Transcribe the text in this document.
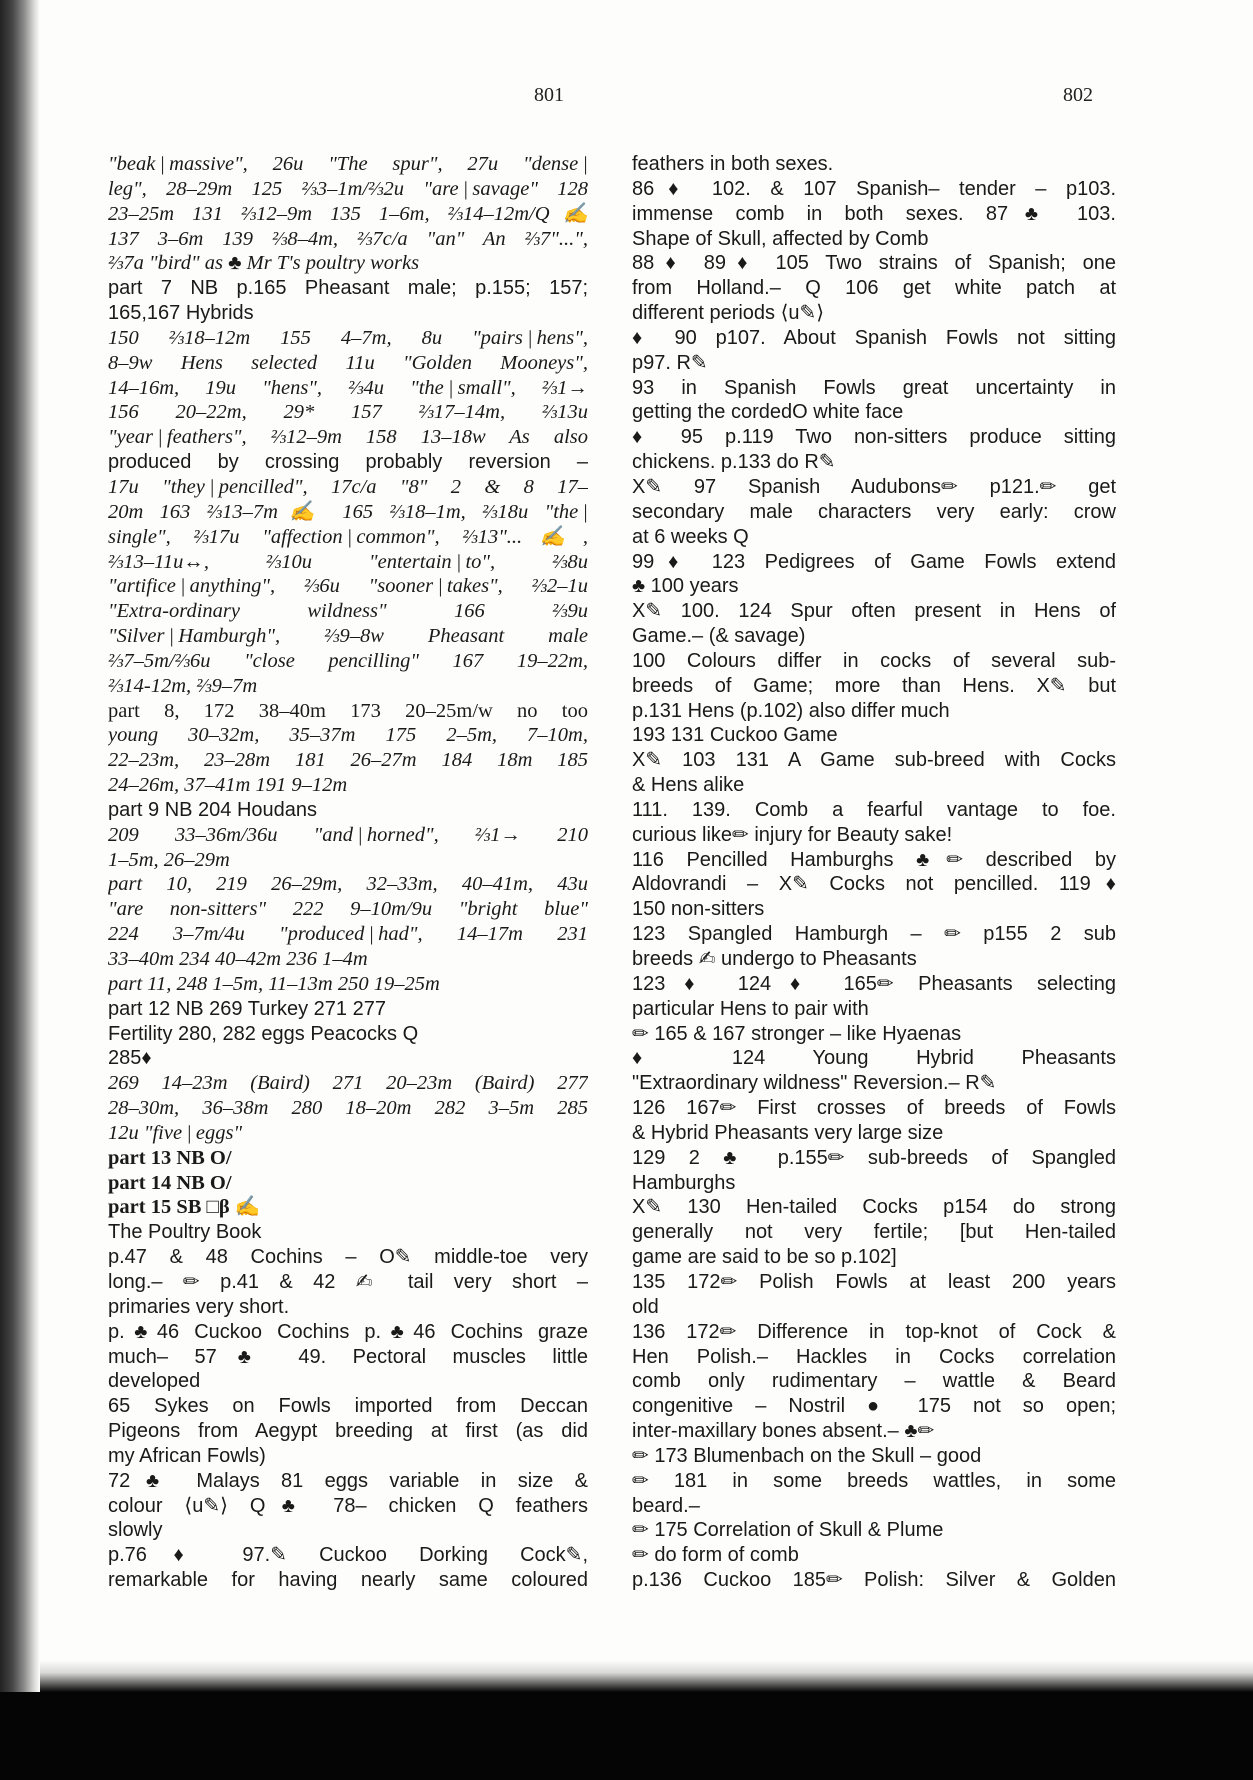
801	802
"beak | massive", 26u "The spur", 27u "dense |
leg", 28–29m 125 ⅔3–1m/⅔2u "are | savage" 128
23–25m 131 ⅔12–9m 135 1–6m, ⅔14–12m/Q✍
137 3–6m 139 ⅔8–4m, ⅔7c/a "an" An ⅔7"...",
⅔7a "bird" as ♣ Mr T's poultry works
part 7 NB p.165 Pheasant male; p.155; 157;
165,167 Hybrids
150 ⅔18–12m 155 4–7m, 8u "pairs | hens",
8–9w Hens selected 11u "Golden Mooneys",
14–16m, 19u "hens", ⅔4u "the | small", ⅔1→
156 20–22m, 29* 157 ⅔17–14m, ⅔13u
"year | feathers", ⅔12–9m 158 13–18w As also
produced by crossing probably reversion –
17u "they | pencilled", 17c/a "8" 2 & 8 17–
20m 163 ⅔13–7m✍ 165 ⅔18–1m, ⅔18u "the |
single", ⅔17u "affection | common", ⅔13"...✍,
⅔13–11u↔, ⅔10u "entertain | to", ⅔8u
"artifice | anything", ⅔6u "sooner | takes", ⅔2–1u
"Extra-ordinary wildness" 166 ⅔9u
"Silver | Hamburgh", ⅔9–8w Pheasant male
⅔7–5m/⅔6u "close pencilling" 167 19–22m,
⅔14-12m, ⅔9–7m
part 8, 172 38–40m 173 20–25m/w no too
young 30–32m, 35–37m 175 2–5m, 7–10m,
22–23m, 23–28m 181 26–27m 184 18m 185
24–26m, 37–41m 191 9–12m
part 9 NB 204 Houdans
209 33–36m/36u "and | horned", ⅔1→ 210
1–5m, 26–29m
part 10, 219 26–29m, 32–33m, 40–41m, 43u
"are non-sitters" 222 9–10m/9u "bright blue"
224 3–7m/4u "produced | had", 14–17m 231
33–40m 234 40–42m 236 1–4m
part 11, 248 1–5m, 11–13m 250 19–25m
part 12 NB 269 Turkey 271 277
Fertility 280, 282 eggs Peacocks Q
285♦
269 14–23m (Baird) 271 20–23m (Baird) 277
28–30m, 36–38m 280 18–20m 282 3–5m 285
12u "five | eggs"
part 13 NB O/
part 14 NB O/
part 15 SB □β ✍
The Poultry Book
p.47 & 48 Cochins – O✎ middle-toe very
long.– ✏ p.41 & 42 ✍ tail very short –
primaries very short.
p.♣46 Cuckoo Cochins p.♣46 Cochins graze
much– 57♣ 49. Pectoral muscles little
developed
65 Sykes on Fowls imported from Deccan
Pigeons from Aegypt breeding at first (as did
my African Fowls)
72♣ Malays 81 eggs variable in size &
colour ⟨u✎⟩ Q♣ 78– chicken Q feathers
slowly
p.76♦ 97.✎ Cuckoo Dorking Cock✎,
remarkable for having nearly same coloured
feathers in both sexes.
86♦ 102. & 107 Spanish– tender – p103.
immense comb in both sexes. 87♣ 103.
Shape of Skull, affected by Comb
88♦ 89♦ 105 Two strains of Spanish; one
from Holland.– Q 106 get white patch at
different periods ⟨u✎⟩
♦ 90 p107. About Spanish Fowls not sitting
p97. R✎
93 in Spanish Fowls great uncertainty in
getting the cordedO white face
♦ 95 p.119 Two non-sitters produce sitting
chickens. p.133 do R✎
X✎ 97 Spanish Audubons✏ p121.✏ get
secondary male characters very early: crow
at 6 weeks Q
99♦ 123 Pedigrees of Game Fowls extend
♣ 100 years
X✎ 100. 124 Spur often present in Hens of
Game.– (& savage)
100 Colours differ in cocks of several sub-
breeds of Game; more than Hens. X✎ but
p.131 Hens (p.102) also differ much
193 131 Cuckoo Game
X✎ 103 131 A Game sub-breed with Cocks
& Hens alike
111. 139. Comb a fearful vantage to foe.
curious like✏ injury for Beauty sake!
116 Pencilled Hamburghs ♣✏ described by
Aldovrandi – X✎ Cocks not pencilled. 119♦
150 non-sitters
123 Spangled Hamburgh – ✏ p155 2 sub
breeds ✍ undergo to Pheasants
123♦ 124♦ 165✏ Pheasants selecting
particular Hens to pair with
✏ 165 & 167 stronger – like Hyaenas
♦ 124 Young Hybrid Pheasants
"Extraordinary wildness" Reversion.– R✎
126 167✏ First crosses of breeds of Fowls
& Hybrid Pheasants very large size
129 2 ♣ p.155✏ sub-breeds of Spangled
Hamburghs
X✎ 130 Hen-tailed Cocks p154 do strong
generally not very fertile; [but Hen-tailed
game are said to be so p.102]
135 172✏ Polish Fowls at least 200 years
old
136 172✏ Difference in top-knot of Cock &
Hen Polish.– Hackles in Cocks correlation
comb only rudimentary – wattle & Beard
congenitive – Nostril ● 175 not so open;
inter-maxillary bones absent.– ♣✏
✏ 173 Blumenbach on the Skull – good
✏ 181 in some breeds wattles, in some
beard.–
✏ 175 Correlation of Skull & Plume
✏ do form of comb
p.136 Cuckoo 185✏ Polish: Silver & Golden
